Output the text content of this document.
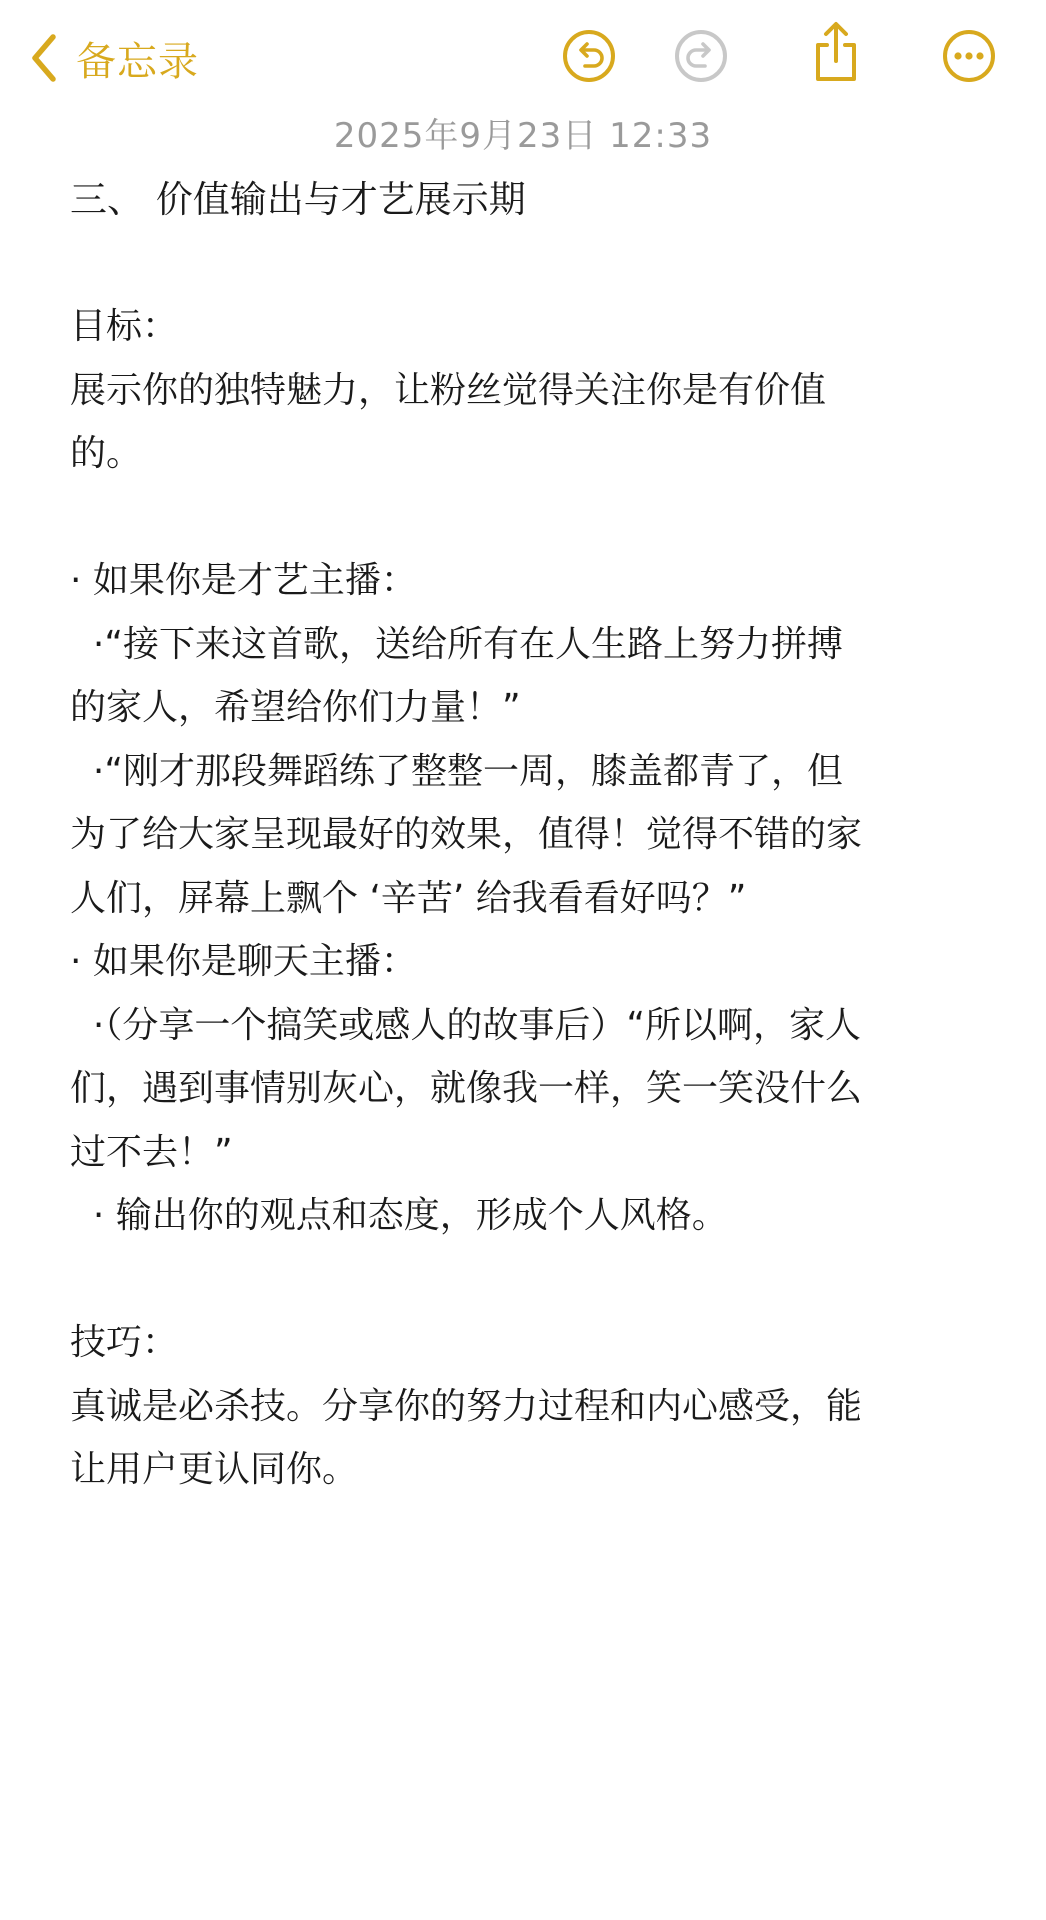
备忘录
2025年9月23日 12:33
三、 价值输出与才艺展示期
目标：
展示你的独特魅力，让粉丝觉得关注你是有价值
的。
· 如果你是才艺主播：
·“接下来这首歌，送给所有在人生路上努力拼搏
的家人，希望给你们力量！”
·“刚才那段舞蹈练了整整一周，膝盖都青了，但
为了给大家呈现最好的效果，值得！觉得不错的家
人们，屏幕上飘个 ‘辛苦’ 给我看看好吗？”
· 如果你是聊天主播：
·（分享一个搞笑或感人的故事后）“所以啊，家人
们，遇到事情别灰心，就像我一样，笑一笑没什么
过不去！”
· 输出你的观点和态度，形成个人风格。
技巧：
真诚是必杀技。分享你的努力过程和内心感受，能
让用户更认同你。
